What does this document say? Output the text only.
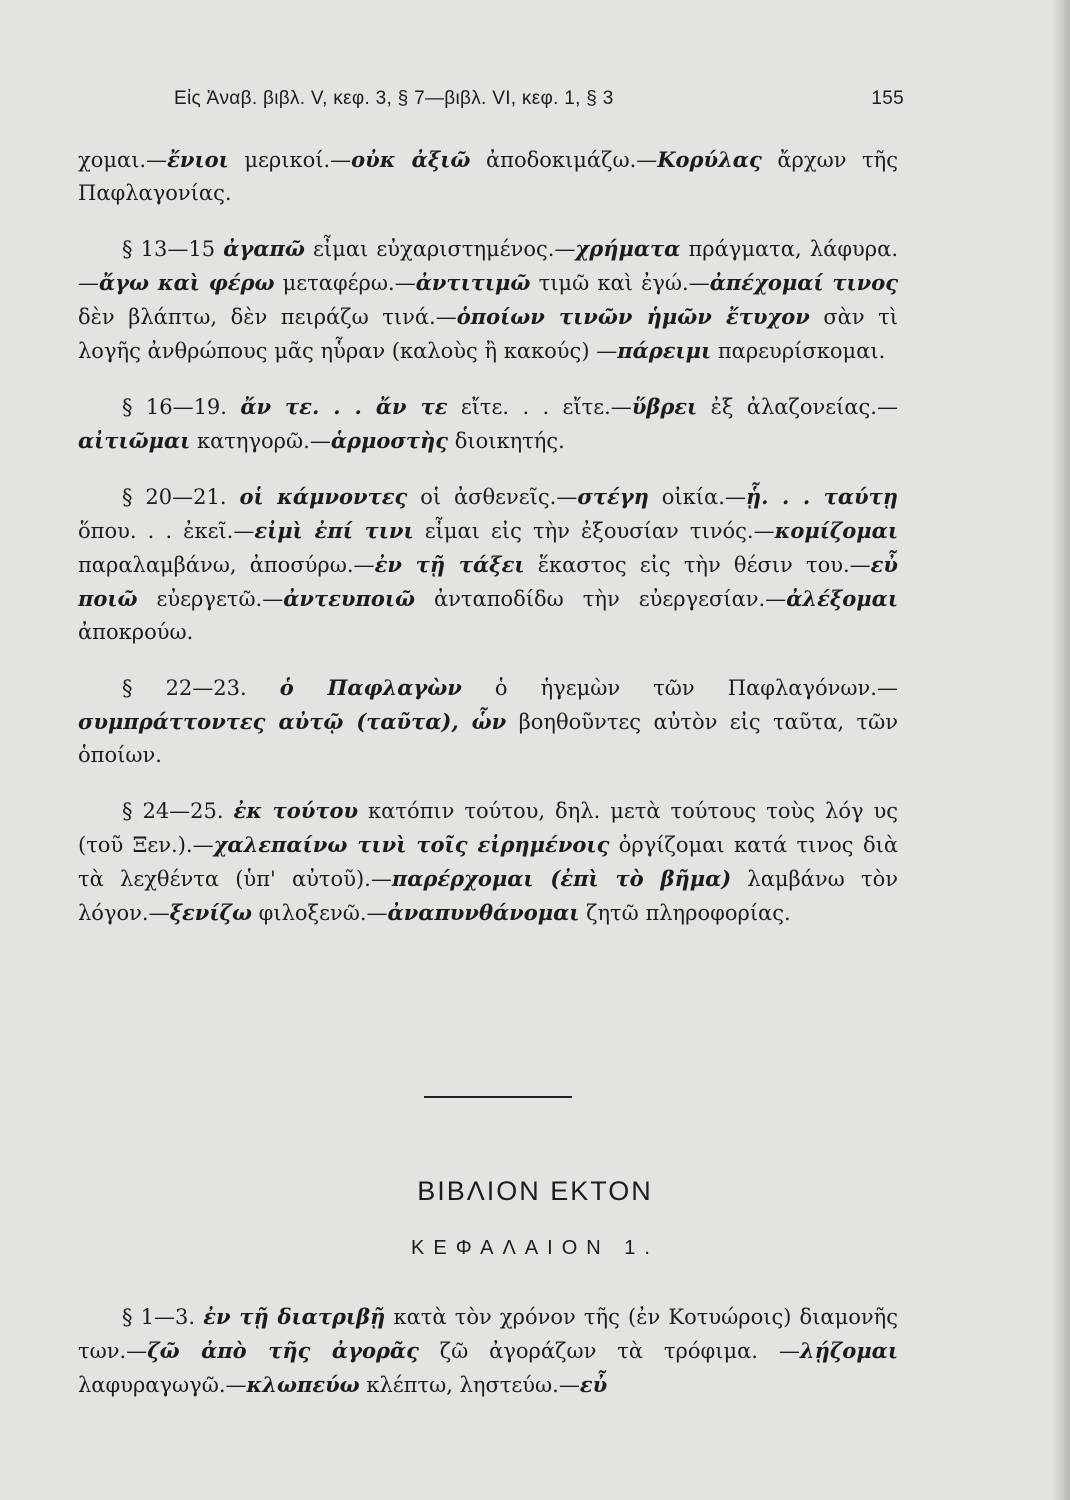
Εἰς Ἀναβ. βιβλ. V, κεφ. 3, § 7—βιβλ. VI, κεφ. 1, § 3	155

χομαι.—ἔνιοι μερικοί.—οὐκ ἀξιῶ ἀποδοκιμάζω.—Κορύλας ἄρχων τῆς Παφλαγονίας.

§ 13—15 ἀγαπῶ εἶμαι εὐχαριστημένος.—χρήματα πράγματα, λάφυρα.—ἄγω καὶ φέρω μεταφέρω.—ἀντιτιμῶ τιμῶ καὶ ἐγώ.—ἀπέχομαί τινος δὲν βλάπτω, δὲν πειράζω τινά.—ὁποίων τινῶν ἡμῶν ἔτυχον σὰν τὶ λογῆς ἀνθρώπους μᾶς ηὗραν (καλοὺς ἢ κακούς) —πάρειμι παρευρίσκομαι.

§ 16—19. ἄν τε. . . ἄν τε εἴτε. . . εἴτε.—ὕβρει ἐξ ἀλαζονείας.—αἰτιῶμαι κατηγορῶ.—ἁρμοστὴς διοικητής.

§ 20—21. οἱ κάμνοντες οἱ ἀσθενεῖς.—στέγη οἰκία.—ᾗ. . . ταύτῃ ὅπου. . . ἐκεῖ.—εἰμὶ ἐπί τινι εἶμαι εἰς τὴν ἐξουσίαν τινός.—κομίζομαι παραλαμβάνω, ἀποσύρω.—ἐν τῇ τάξει ἕκαστος εἰς τὴν θέσιν του.—εὖ ποιῶ εὐεργετῶ.—ἀντευποιῶ ἀνταποδίδω τὴν εὐεργεσίαν.—ἀλέξομαι ἀποκρούω.

§ 22—23. ὁ Παφλαγὼν ὁ ἡγεμὼν τῶν Παφλαγόνων.—συμπράττοντες αὐτῷ (ταῦτα), ὧν βοηθοῦντες αὐτὸν εἰς ταῦτα, τῶν ὁποίων.

§ 24—25. ἐκ τούτου κατόπιν τούτου, δηλ. μετὰ τούτους τοὺς λόγ υς (τοῦ Ξεν.).—χαλεπαίνω τινὶ τοῖς εἰρημένοις ὀργίζομαι κατά τινος διὰ τὰ λεχθέντα (ὑπ' αὐτοῦ).—παρέρχομαι (ἐπὶ τὸ βῆμα) λαμβάνω τὸν λόγον.—ξενίζω φιλοξενῶ.—ἀναπυνθάνομαι ζητῶ πληροφορίας.

ΒΙΒΛΙΟΝ ΕΚΤΟΝ
ΚΕΦΑΛΑΙΟΝ 1.

§ 1—3. ἐν τῇ διατριβῇ κατὰ τὸν χρόνον τῆς (ἐν Κοτυώροις) διαμονῆς των.—ζῶ ἀπὸ τῆς ἀγορᾶς ζῶ ἀγοράζων τὰ τρόφιμα. —λῄζομαι λαφυραγωγῶ.—κλωπεύω κλέπτω, ληστεύω.—εὖ
